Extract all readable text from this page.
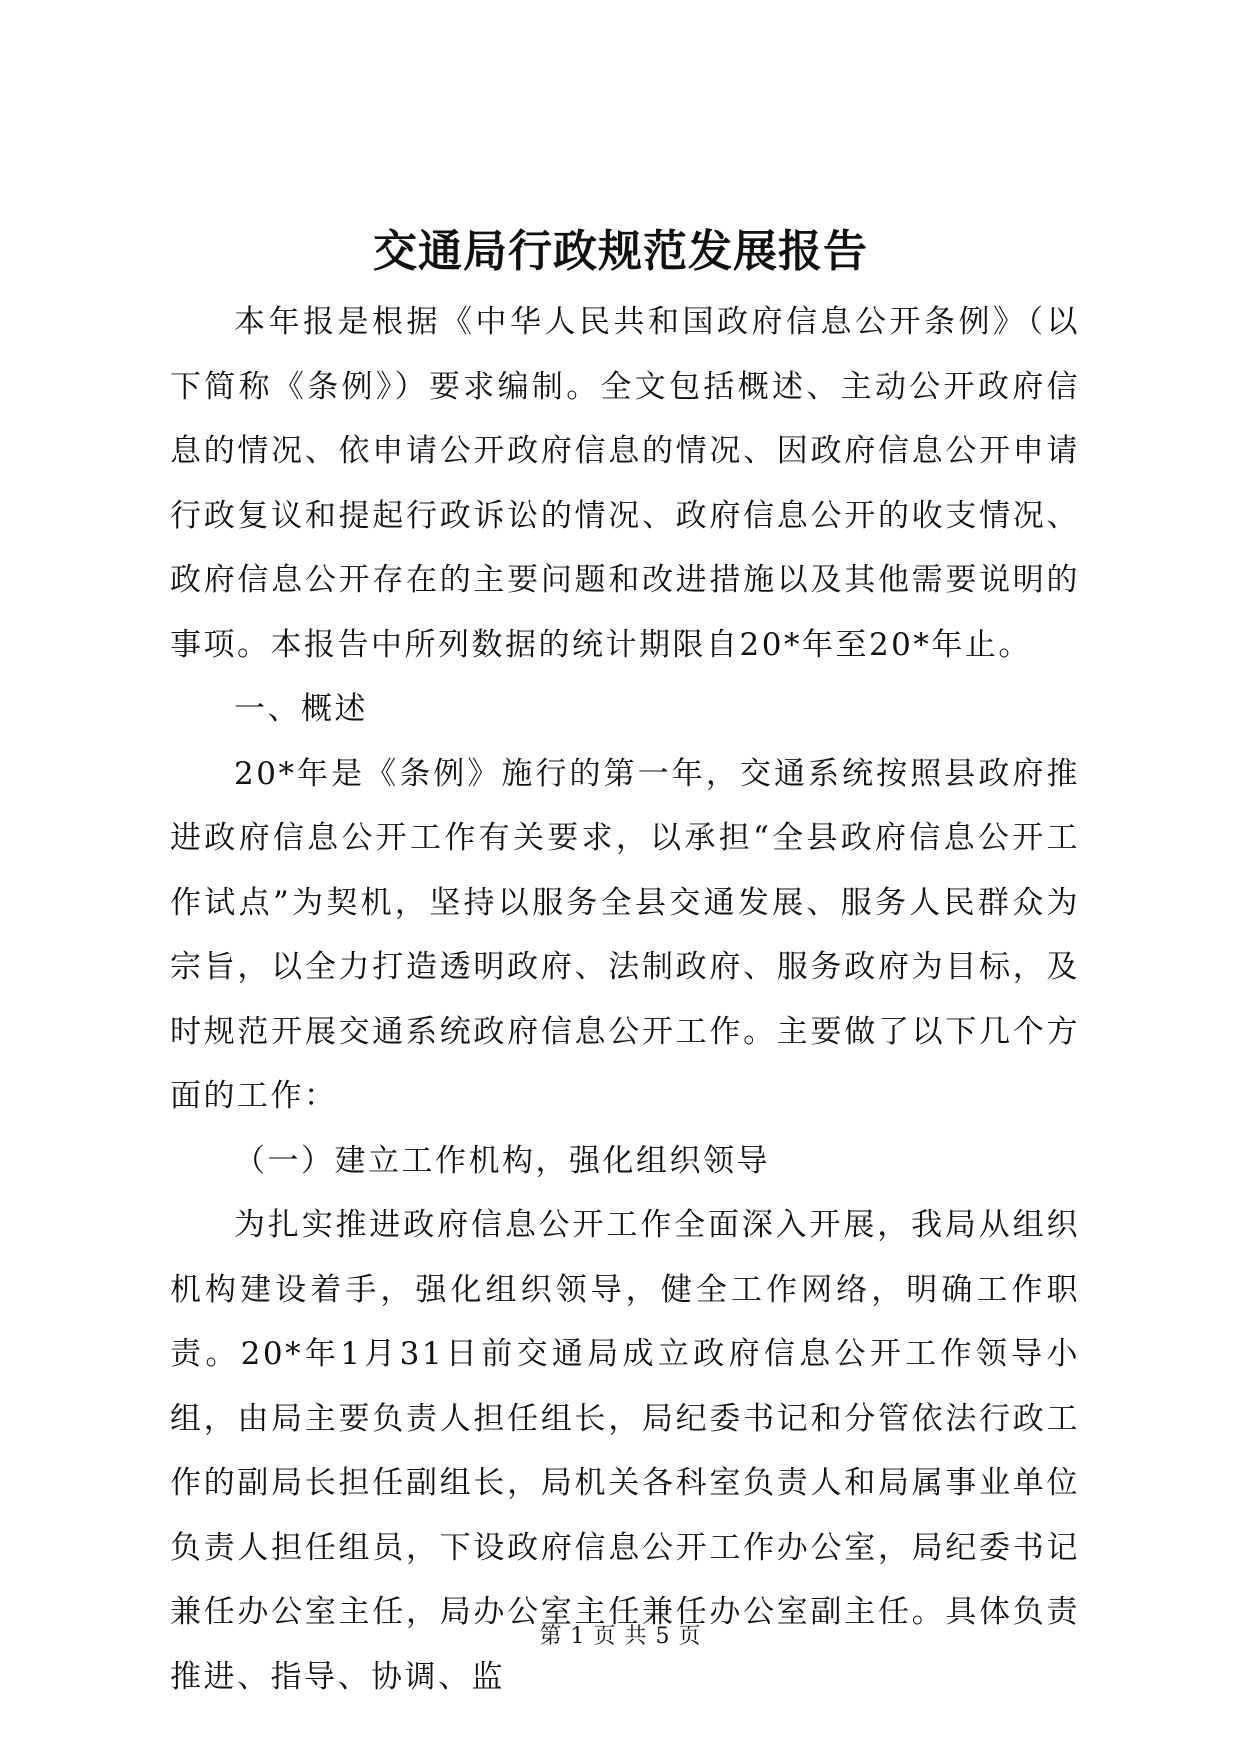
交通局行政规范发展报告

本年报是根据《中华人民共和国政府信息公开条例》（以下简称《条例》）要求编制。全文包括概述、主动公开政府信息的情况、依申请公开政府信息的情况、因政府信息公开申请行政复议和提起行政诉讼的情况、政府信息公开的收支情况、政府信息公开存在的主要问题和改进措施以及其他需要说明的事项。本报告中所列数据的统计期限自20*年至20*年止。

一、概述

20*年是《条例》施行的第一年，交通系统按照县政府推进政府信息公开工作有关要求，以承担“全县政府信息公开工作试点”为契机，坚持以服务全县交通发展、服务人民群众为宗旨，以全力打造透明政府、法制政府、服务政府为目标，及时规范开展交通系统政府信息公开工作。主要做了以下几个方面的工作：

（一）建立工作机构，强化组织领导

为扎实推进政府信息公开工作全面深入开展，我局从组织机构建设着手，强化组织领导，健全工作网络，明确工作职责。20*年1月31日前交通局成立政府信息公开工作领导小组，由局主要负责人担任组长，局纪委书记和分管依法行政工作的副局长担任副组长，局机关各科室负责人和局属事业单位负责人担任组员，下设政府信息公开工作办公室，局纪委书记兼任办公室主任，局办公室主任兼任办公室副主任。具体负责推进、指导、协调、监

第 1 页 共 5 页
